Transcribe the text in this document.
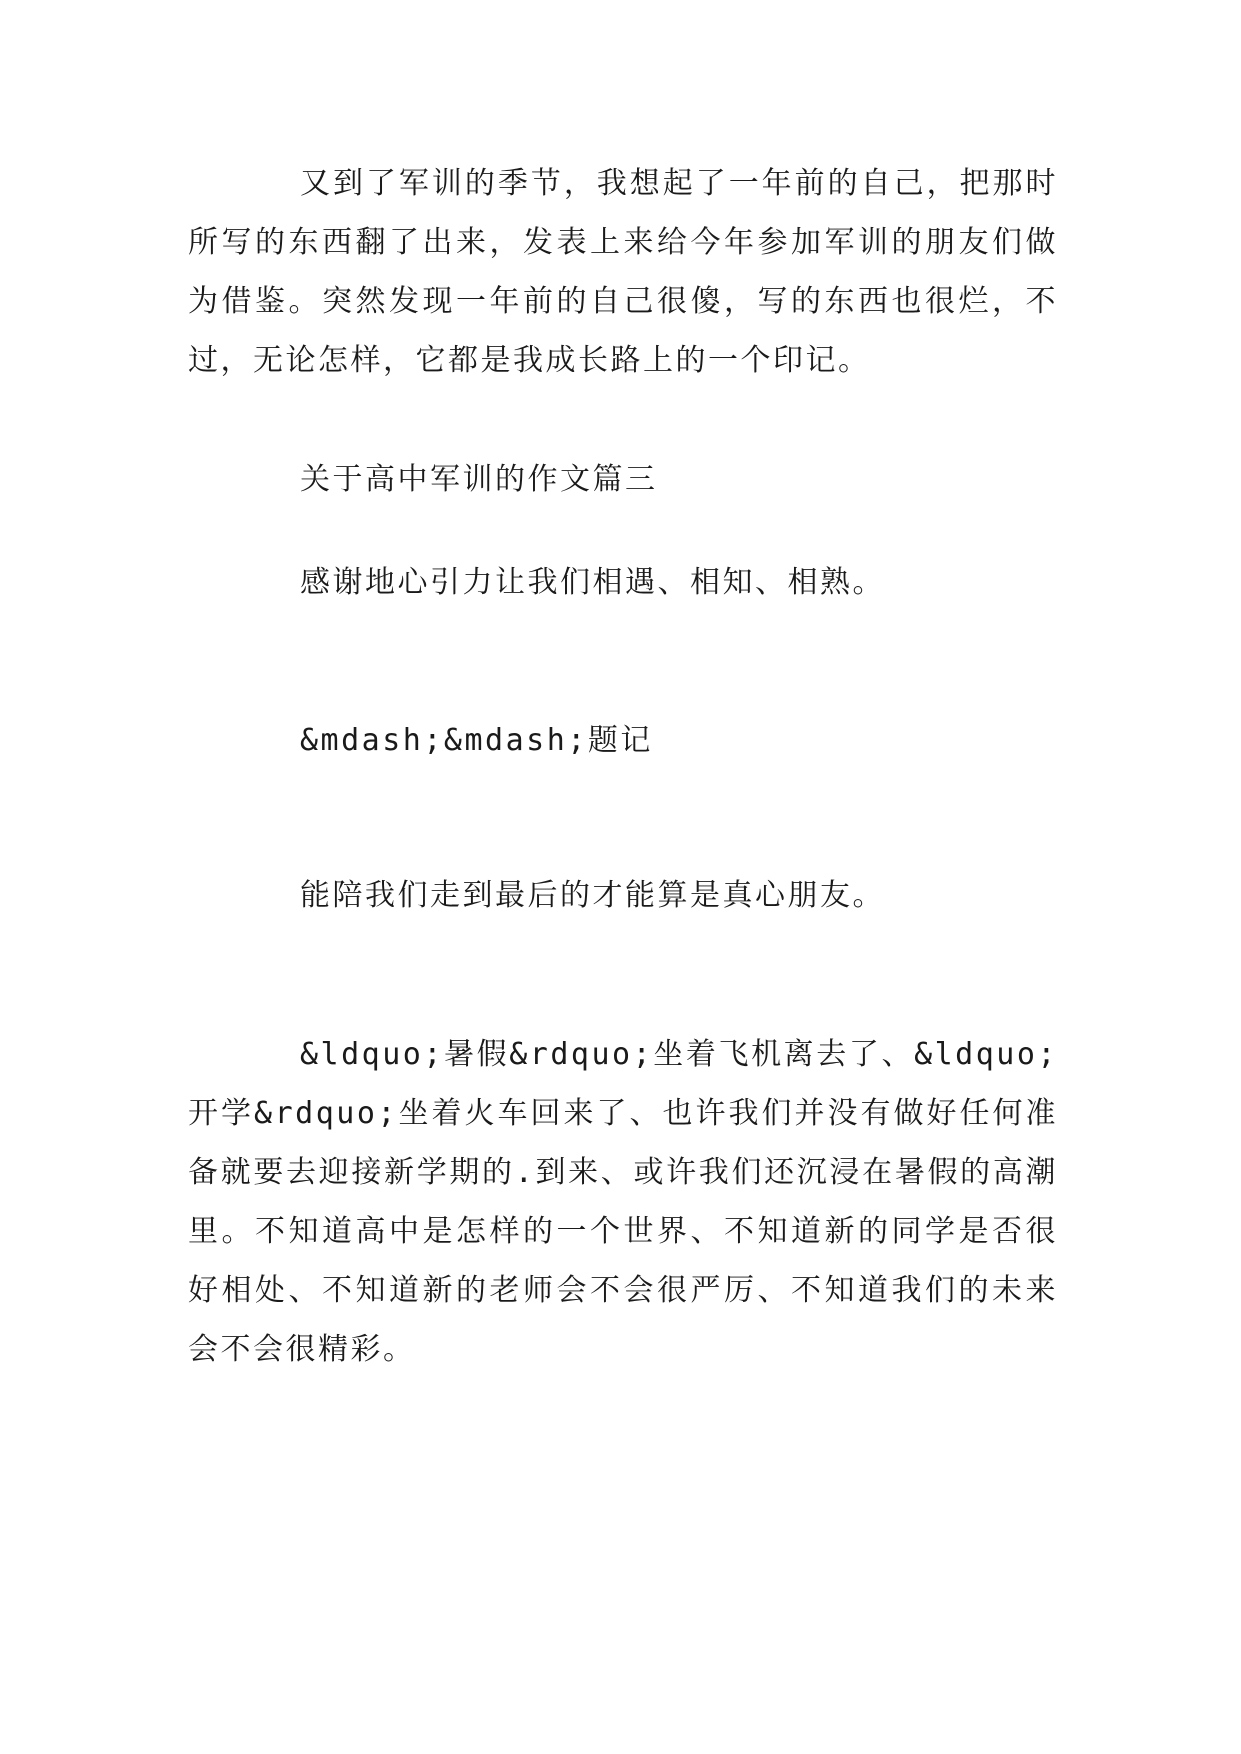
又到了军训的季节，我想起了一年前的自己，把那时所写的东西翻了出来，发表上来给今年参加军训的朋友们做为借鉴。突然发现一年前的自己很傻，写的东西也很烂，不过，无论怎样，它都是我成长路上的一个印记。

关于高中军训的作文篇三

感谢地心引力让我们相遇、相知、相熟。

&mdash;&mdash;题记

能陪我们走到最后的才能算是真心朋友。

&ldquo;暑假&rdquo;坐着飞机离去了、&ldquo;开学&rdquo;坐着火车回来了、也许我们并没有做好任何准备就要去迎接新学期的.到来、或许我们还沉浸在暑假的高潮里。不知道高中是怎样的一个世界、不知道新的同学是否很好相处、不知道新的老师会不会很严厉、不知道我们的未来会不会很精彩。
